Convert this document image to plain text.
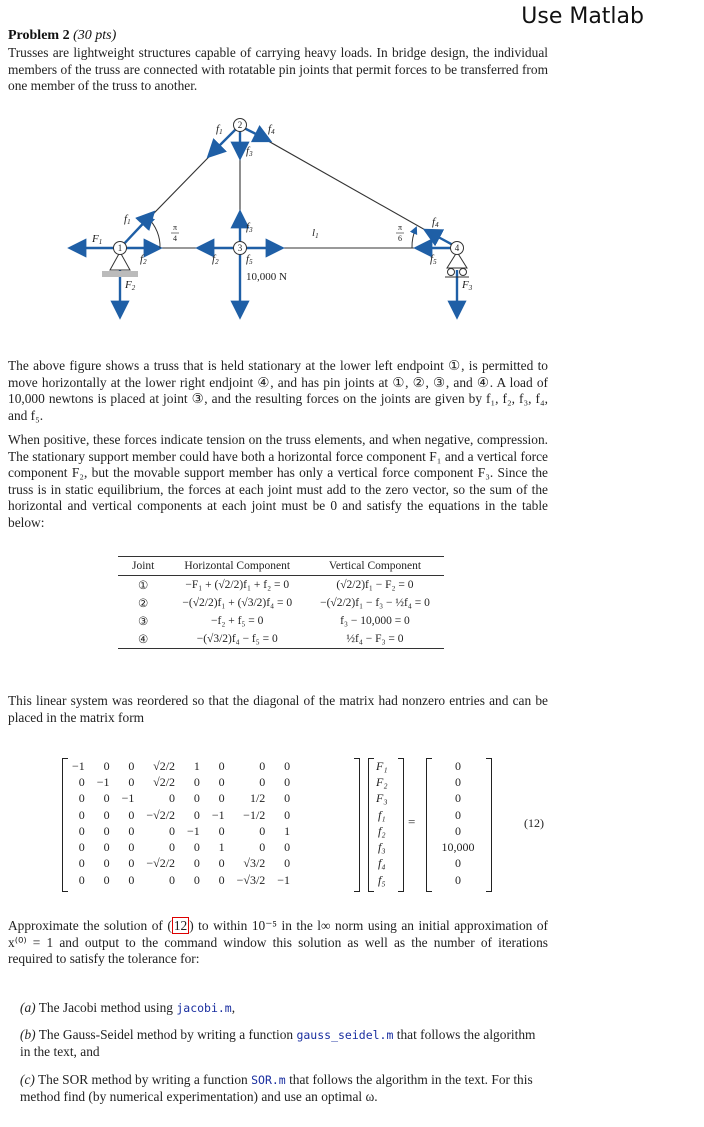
Use Matlab
Problem 2 (30 pts)
Trusses are lightweight structures capable of carrying heavy loads. In bridge design, the individual members of the truss are connected with rotatable pin joints that permit forces to be transferred from one member of the truss to another.
1
2
3	4
F1
F2	F3
f1
f1
f2	f2
f3
f3
f4
f4
f5	f5
l1
π
4
π
6
10,000 N
The above figure shows a truss that is held stationary at the lower left endpoint ①, is permitted to move horizontally at the lower right endjoint ④, and has pin joints at ①, ②, ③, and ④. A load of 10,000 newtons is placed at joint ③, and the resulting forces on the joints are given by f₁, f₂, f₃, f₄, and f₅.
When positive, these forces indicate tension on the truss elements, and when negative, compression. The stationary support member could have both a horizontal force component F₁ and a vertical force component F₂, but the movable support member has only a vertical force component F₃. Since the truss is in static equilibrium, the forces at each joint must add to the zero vector, so the sum of the horizontal and vertical components at each joint must be 0 and satisfy the equations in the table below:
Joint	Horizontal Component	Vertical Component
①	−F₁ + (√2/2)f₁ + f₂ = 0	(√2/2)f₁ − F₂ = 0
②	−(√2/2)f₁ + (√3/2)f₄ = 0	−(√2/2)f₁ − f₃ − ½f₄ = 0
③	−f₂ + f₅ = 0	f₃ − 10,000 = 0
④	−(√3/2)f₄ − f₅ = 0	½f₄ − F₃ = 0
This linear system was reordered so that the diagonal of the matrix had nonzero entries and can be placed in the matrix form
−1	0	0	√2/2	1	0	0	0
0	−1	0	√2/2	0	0	0	0
0	0	−1	0	0	0	1/2	0
0	0	0	−√2/2	0	−1	−1/2	0
0	0	0	0	−1	0	0	1
0	0	0	0	0	1	0	0
0	0	0	−√2/2	0	0	√3/2	0
0	0	0	0	0	0	−√3/2	−1
F₁
F₂
F₃
f₁
f₂
f₃
f₄
f₅
=
0
0
0
0
0
10,000
0
0
(12)
Approximate the solution of ( 12 ) to within 10⁻⁵ in the l∞ norm using an initial approximation of x⁽⁰⁾ = 1 and output to the command window this solution as well as the number of iterations required to satisfy the tolerance for:
(a) The Jacobi method using jacobi.m,
(b) The Gauss-Seidel method by writing a function gauss_seidel.m that follows the algorithm in the text, and
(c) The SOR method by writing a function SOR.m that follows the algorithm in the text. For this method find (by numerical experimentation) and use an optimal ω.
